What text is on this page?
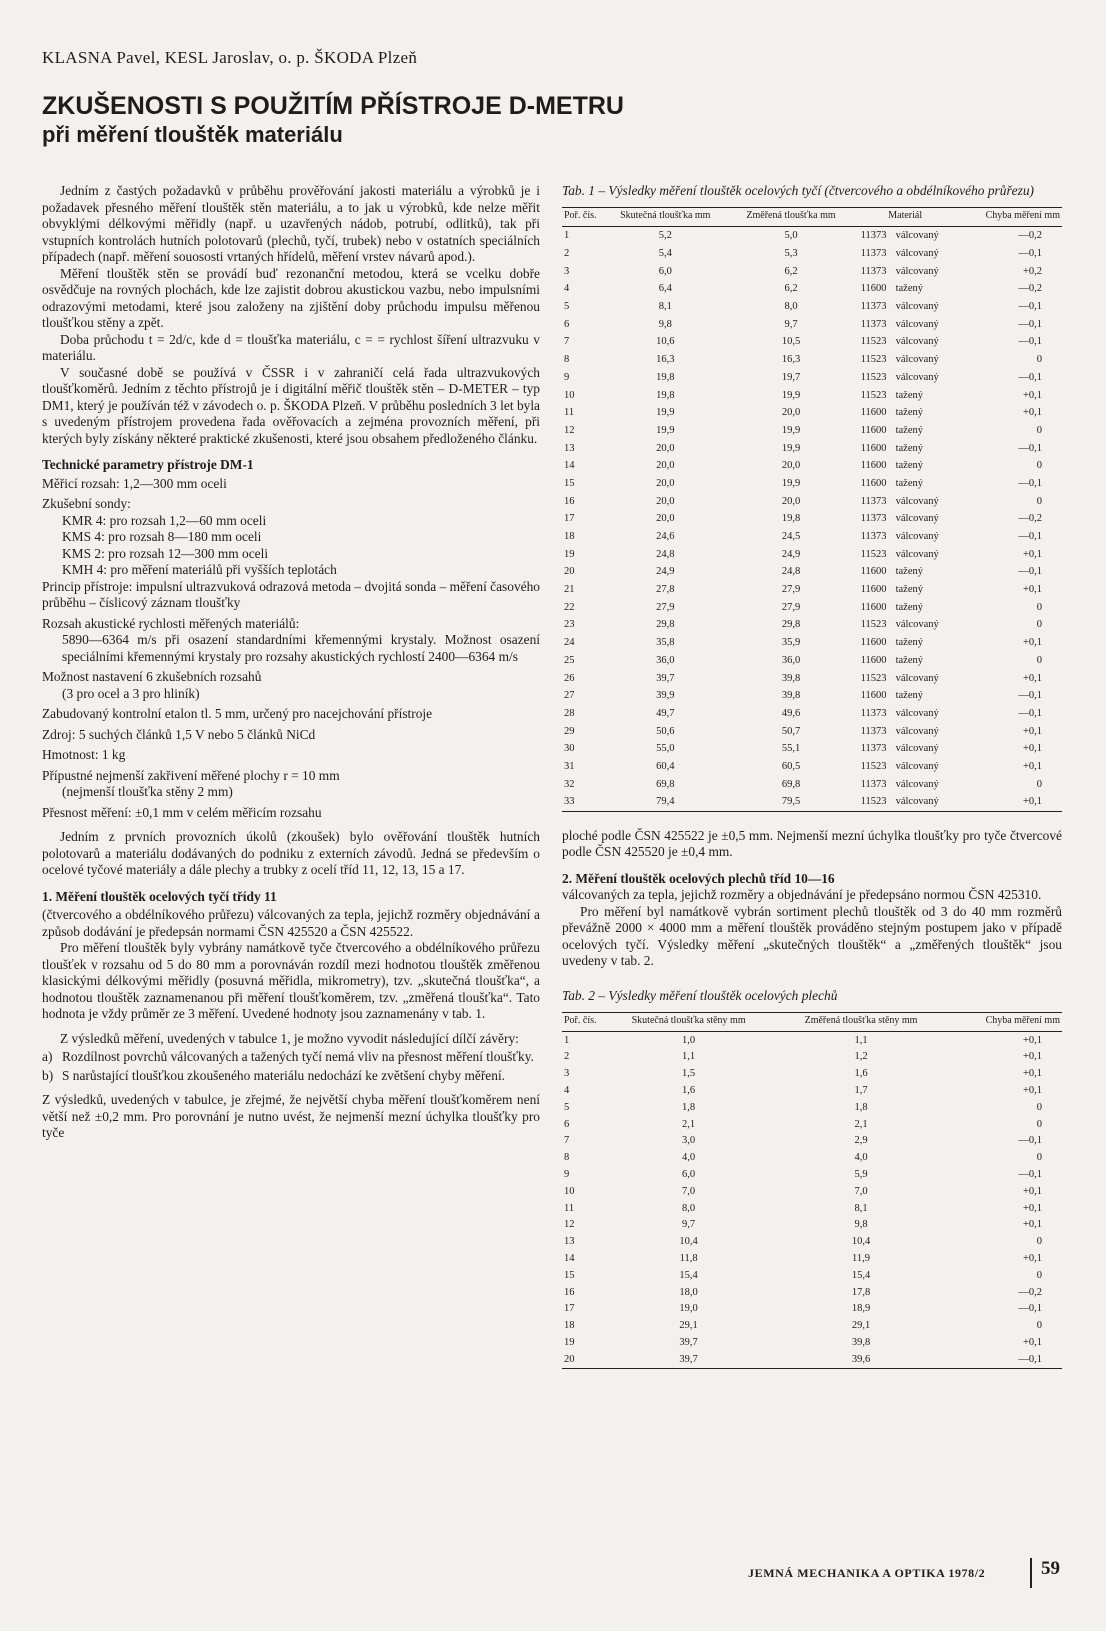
KLASNA Pavel, KESL Jaroslav, o. p. ŠKODA Plzeň
ZKUŠENOSTI S POUŽITÍM PŘÍSTROJE D-METRU
při měření tlouštěk materiálu

Jedním z častých požadavků v průběhu prověřování jakosti materiálu a výrobků je i požadavek přesného měření tlouštěk stěn materiálu, a to jak u výrobků, kde nelze měřit obvyklými délkovými měřidly (např. u uzavřených nádob, potrubí, odlitků), tak při vstupních kontrolách hutních polotovarů (plechů, tyčí, trubek) nebo v ostatních speciálních případech (např. měření souososti vrtaných hřídelů, měření vrstev návarů apod.).

Měření tlouštěk stěn se provádí buď rezonanční metodou, která se vcelku dobře osvědčuje na rovných plochách, kde lze zajistit dobrou akustickou vazbu, nebo impulsními odrazovými metodami, které jsou založeny na zjištění doby průchodu impulsu měřenou tloušťkou stěny a zpět.

Doba průchodu t = 2d/c, kde d = tloušťka materiálu, c = = rychlost šíření ultrazvuku v materiálu.

V současné době se používá v ČSSR i v zahraničí celá řada ultrazvukových tloušťkoměrů. Jedním z těchto přístrojů je i digitální měřič tlouštěk stěn – D-METER – typ DM1, který je používán též v závodech o. p. ŠKODA Plzeň. V průběhu posledních 3 let byla s uvedeným přístrojem provedena řada ověřovacích a zejména provozních měření, při kterých byly získány některé praktické zkušenosti, které jsou obsahem předloženého článku.

Technické parametry přístroje DM-1

Měřicí rozsah: 1,2—300 mm oceli

Zkušební sondy:

KMR 4: pro rozsah 1,2—60 mm oceli

KMS 4: pro rozsah 8—180 mm oceli

KMS 2: pro rozsah 12—300 mm oceli

KMH 4: pro měření materiálů při vyšších teplotách

Princip přístroje: impulsní ultrazvuková odrazová metoda – dvojitá sonda – měření časového průběhu – číslicový záznam tloušťky

Rozsah akustické rychlosti měřených materiálů:

5890—6364 m/s při osazení standardními křemennými krystaly. Možnost osazení speciálními křemennými krystaly pro rozsahy akustických rychlostí 2400—6364 m/s

Možnost nastavení 6 zkušebních rozsahů

(3 pro ocel a 3 pro hliník)

Zabudovaný kontrolní etalon tl. 5 mm, určený pro nacejchování přístroje

Zdroj: 5 suchých článků 1,5 V nebo 5 článků NiCd

Hmotnost: 1 kg

Přípustné nejmenší zakřivení měřené plochy r = 10 mm

(nejmenší tloušťka stěny 2 mm)

Přesnost měření: ±0,1 mm v celém měřicím rozsahu

Jedním z prvních provozních úkolů (zkoušek) bylo ověřování tlouštěk hutních polotovarů a materiálu dodávaných do podniku z externích závodů. Jedná se především o ocelové tyčové materiály a dále plechy a trubky z ocelí tříd 11, 12, 13, 15 a 17.

1. Měření tlouštěk ocelových tyčí třídy 11

(čtvercového a obdélníkového průřezu) válcovaných za tepla, jejichž rozměry objednávání a způsob dodávání je předepsán normami ČSN 425520 a ČSN 425522.

Pro měření tlouštěk byly vybrány namátkově tyče čtvercového a obdélníkového průřezu tloušťek v rozsahu od 5 do 80 mm a porovnáván rozdíl mezi hodnotou tlouštěk změřenou klasickými délkovými měřidly (posuvná měřidla, mikrometry), tzv. „skutečná tloušťka“, a hodnotou tlouštěk zaznamenanou při měření tloušťkoměrem, tzv. „změřená tloušťka“. Tato hodnota je vždy průměr ze 3 měření. Uvedené hodnoty jsou zaznamenány v tab. 1.

Z výsledků měření, uvedených v tabulce 1, je možno vyvodit následující dílčí závěry:

a) Rozdílnost povrchů válcovaných a tažených tyčí nemá vliv na přesnost měření tloušťky.
b) S narůstající tloušťkou zkoušeného materiálu nedochází ke zvětšení chyby měření.

Z výsledků, uvedených v tabulce, je zřejmé, že největší chyba měření tloušťkoměrem není větší než ±0,2 mm. Pro porovnání je nutno uvést, že nejmenší mezní úchylka tloušťky pro tyče

Tab. 1 – Výsledky měření tlouštěk ocelových tyčí (čtvercového a obdélníkového průřezu)

Poř. čís.	Skutečná tloušťka mm	Změřená tloušťka mm	Materiál		Chyba měření mm
1	5,2	5,0	11373	válcovaný	—0,2
2	5,4	5,3	11373	válcovaný	—0,1
3	6,0	6,2	11373	válcovaný	+0,2
4	6,4	6,2	11600	tažený	—0,2
5	8,1	8,0	11373	válcovaný	—0,1
6	9,8	9,7	11373	válcovaný	—0,1
7	10,6	10,5	11523	válcovaný	—0,1
8	16,3	16,3	11523	válcovaný	0
9	19,8	19,7	11523	válcovaný	—0,1
10	19,8	19,9	11523	tažený	+0,1
11	19,9	20,0	11600	tažený	+0,1
12	19,9	19,9	11600	tažený	0
13	20,0	19,9	11600	tažený	—0,1
14	20,0	20,0	11600	tažený	0
15	20,0	19,9	11600	tažený	—0,1
16	20,0	20,0	11373	válcovaný	0
17	20,0	19,8	11373	válcovaný	—0,2
18	24,6	24,5	11373	válcovaný	—0,1
19	24,8	24,9	11523	válcovaný	+0,1
20	24,9	24,8	11600	tažený	—0,1
21	27,8	27,9	11600	tažený	+0,1
22	27,9	27,9	11600	tažený	0
23	29,8	29,8	11523	válcovaný	0
24	35,8	35,9	11600	tažený	+0,1
25	36,0	36,0	11600	tažený	0
26	39,7	39,8	11523	válcovaný	+0,1
27	39,9	39,8	11600	tažený	—0,1
28	49,7	49,6	11373	válcovaný	—0,1
29	50,6	50,7	11373	válcovaný	+0,1
30	55,0	55,1	11373	válcovaný	+0,1
31	60,4	60,5	11523	válcovaný	+0,1
32	69,8	69,8	11373	válcovaný	0
33	79,4	79,5	11523	válcovaný	+0,1

ploché podle ČSN 425522 je ±0,5 mm. Nejmenší mezní úchylka tloušťky pro tyče čtvercové podle ČSN 425520 je ±0,4 mm.

2. Měření tlouštěk ocelových plechů tříd 10—16

válcovaných za tepla, jejichž rozměry a objednávání je předepsáno normou ČSN 425310.

Pro měření byl namátkově vybrán sortiment plechů tlouštěk od 3 do 40 mm rozměrů převážně 2000 × 4000 mm a měření tlouštěk prováděno stejným postupem jako v případě ocelových tyčí. Výsledky měření „skutečných tlouštěk“ a „změřených tlouštěk“ jsou uvedeny v tab. 2.

Tab. 2 – Výsledky měření tlouštěk ocelových plechů

Poř. čís.	Skutečná tloušťka stěny mm	Změřená tloušťka stěny mm	Chyba měření mm
1	1,0	1,1	+0,1
2	1,1	1,2	+0,1
3	1,5	1,6	+0,1
4	1,6	1,7	+0,1
5	1,8	1,8	0
6	2,1	2,1	0
7	3,0	2,9	—0,1
8	4,0	4,0	0
9	6,0	5,9	—0,1
10	7,0	7,0	+0,1
11	8,0	8,1	+0,1
12	9,7	9,8	+0,1
13	10,4	10,4	0
14	11,8	11,9	+0,1
15	15,4	15,4	0
16	18,0	17,8	—0,2
17	19,0	18,9	—0,1
18	29,1	29,1	0
19	39,7	39,8	+0,1
20	39,7	39,6	—0,1
JEMNÁ MECHANIKA A OPTIKA 1978/2	59
